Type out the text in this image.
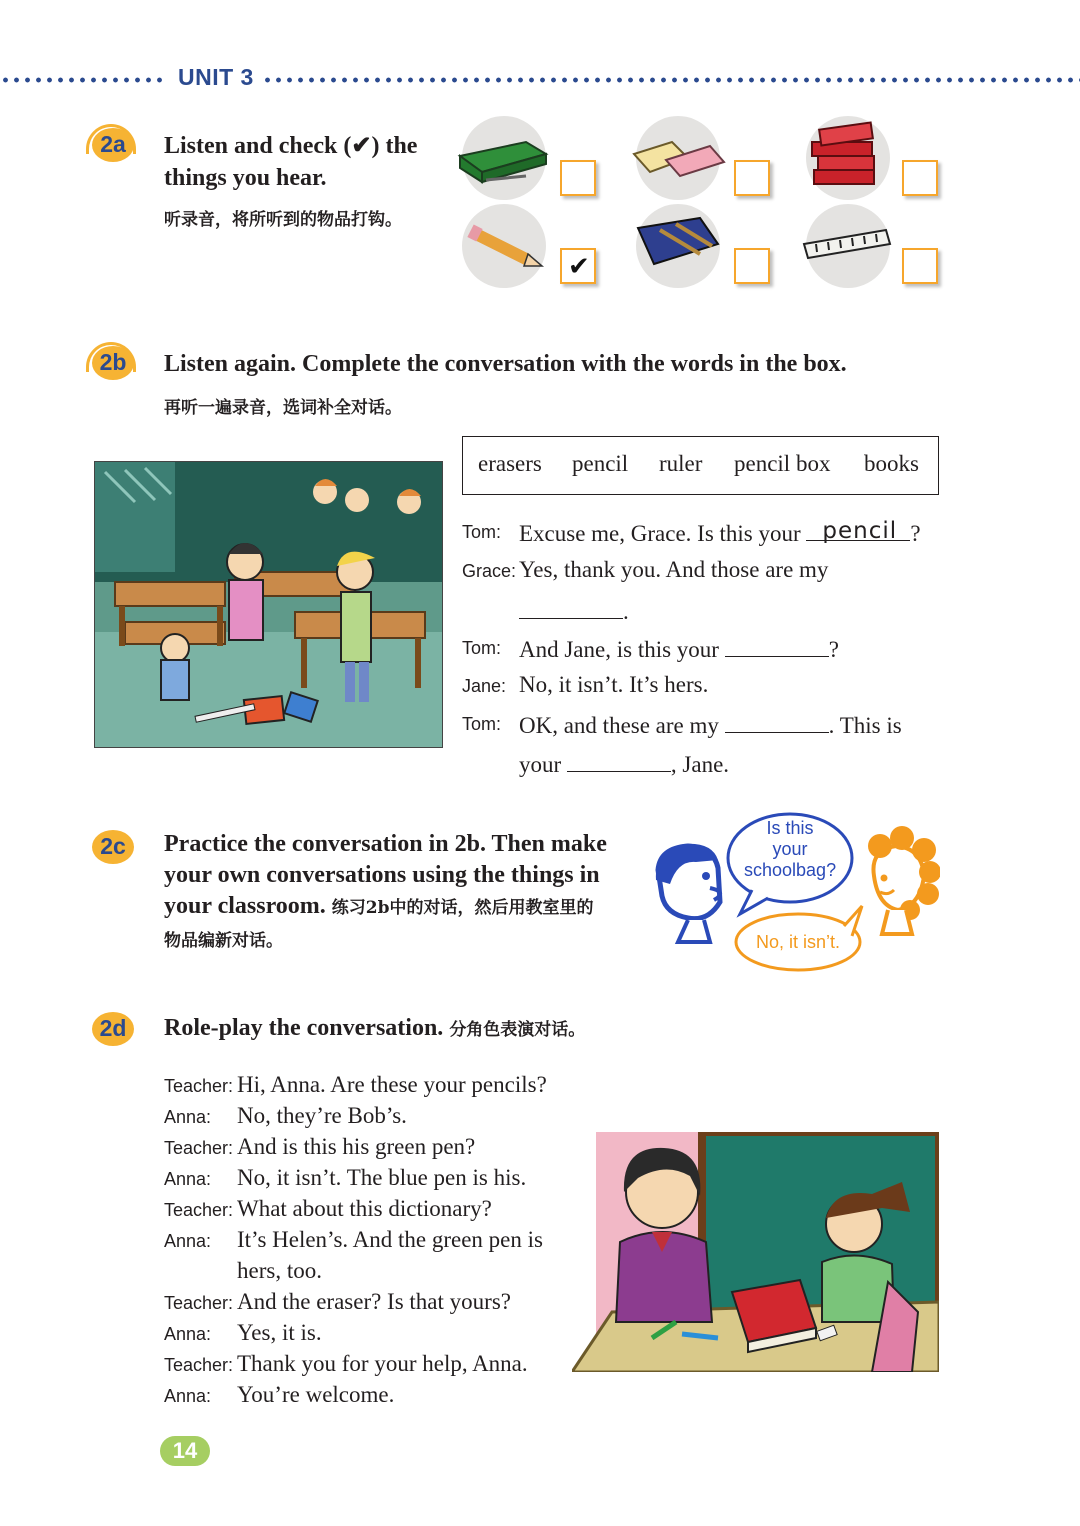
UNIT 3
2a	Listen and check (✔) the
things you hear.
听录音，将所听到的物品打钩。
✔
2b	Listen again. Complete the conversation with the words in the box.
再听一遍录音，选词补全对话。
erasers pencil ruler pencil box books
Tom: Excuse me, Grace. Is this your pencil ?
Grace: Yes, thank you. And those are my
.
Tom: And Jane, is this your	?
Jane: No, it isn’t. It’s hers.
Tom: OK, and these are my	. This is
your	, Jane.
2c	Practice the conversation in 2b. Then make
your own conversations using the things in
your classroom. 练习2b中的对话，然后用教室里的
物品编新对话。
Is this
your
schoolbag?
No, it isn’t.
2d	Role-play the conversation. 分角色表演对话。
Teacher: Hi, Anna. Are these your pencils?
Anna: No, they’re Bob’s.
Teacher: And is this his green pen?
Anna: No, it isn’t. The blue pen is his.
Teacher: What about this dictionary?
Anna: It’s Helen’s. And the green pen is
hers, too.
Teacher: And the eraser? Is that yours?
Anna: Yes, it is.
Teacher: Thank you for your help, Anna.
Anna: You’re welcome.
14
